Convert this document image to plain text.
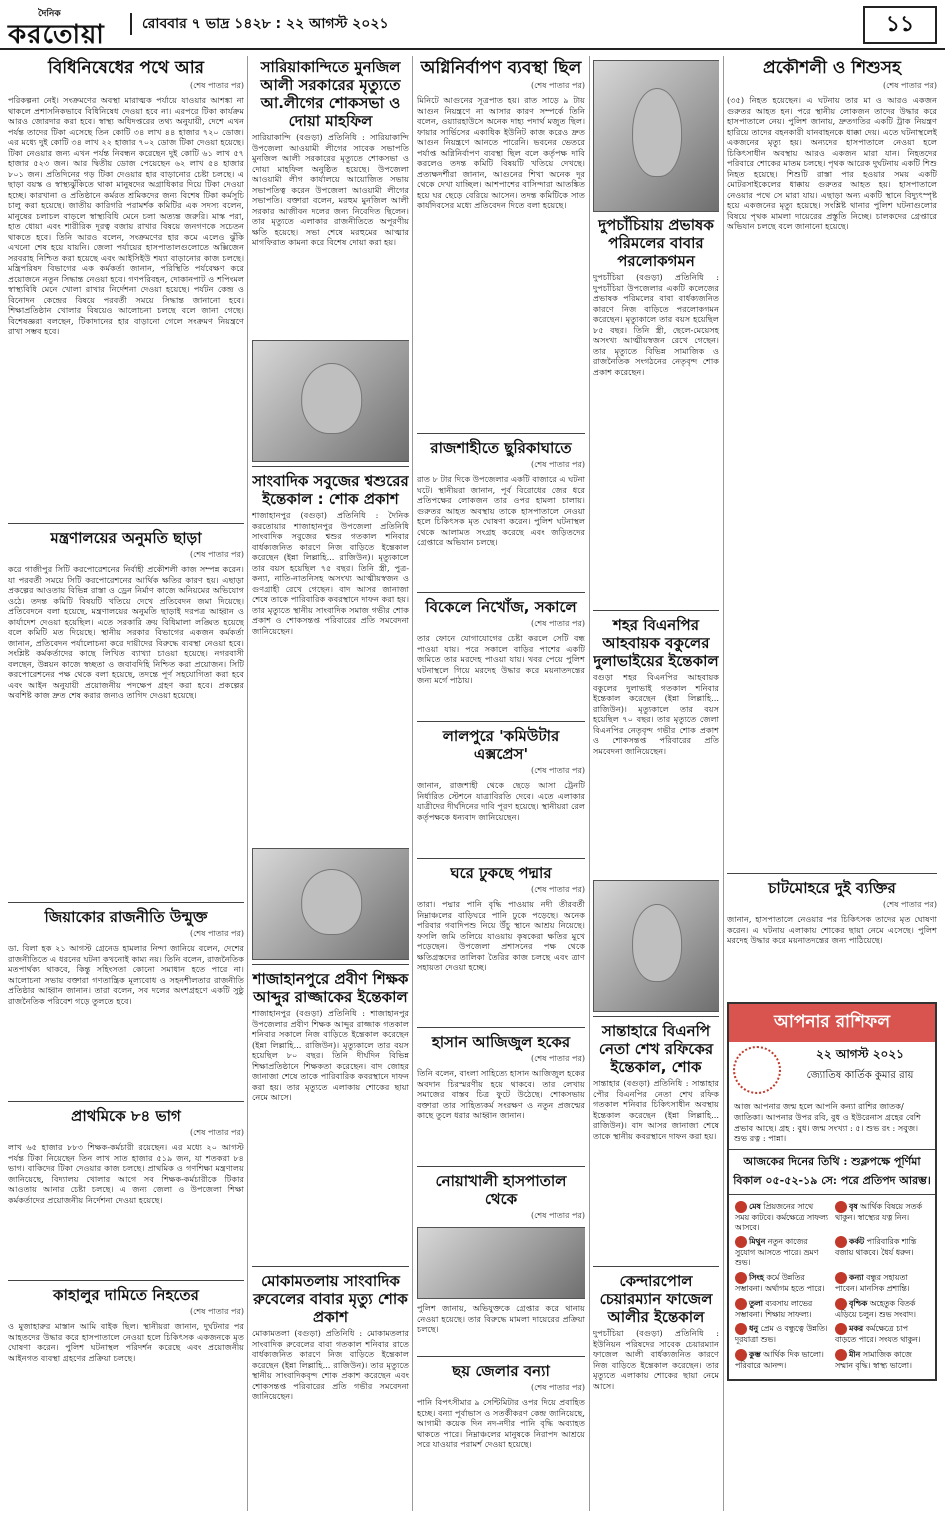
দৈনিক
করতোয়া	রোববার ৭ ভাদ্র ১৪২৮ : ২২ আগস্ট ২০২১	১১
বিধিনিষেধের পথে আর
(শেষ পাতার পর)
পরিকল্পনা নেই। সংক্রমণের অবস্থা মারাত্মক পর্যায়ে যাওয়ার আশঙ্কা না থাকলে প্রশাসনিকভাবে বিধিনিষেধ দেওয়া হবে না। এরপরে টিকা কার্যক্রম আরও জোরদার করা হবে। স্বাস্থ্য অধিদপ্তরের তথ্য অনুযায়ী, দেশে এখন পর্যন্ত তাদের টিকা এসেছে তিন কোটি ৩৪ লাখ ৪৪ হাজার ৭২০ ডোজ। এর মধ্যে দুই কোটি ৩৪ লাখ ২২ হাজার ৭০২ ডোজ টিকা দেওয়া হয়েছে। টিকা নেওয়ার জন্য এখন পর্যন্ত নিবন্ধন করেছেন দুই কোটি ৬১ লাখ ৫৭ হাজার ৫২৩ জন। আর দ্বিতীয় ডোজ পেয়েছেন ৬২ লাখ ৫৪ হাজার ৮০১ জন। প্রতিদিনের গড় টিকা দেওয়ার হার বাড়ানোর চেষ্টা চলছে। এ ছাড়া বয়স্ক ও স্বাস্থ্যঝুঁকিতে থাকা মানুষদের অগ্রাধিকার দিয়ে টিকা দেওয়া হচ্ছে। কারখানা ও প্রতিষ্ঠানে কর্মরত শ্রমিকদের জন্য বিশেষ টিকা কর্মসূচি চালু করা হয়েছে। জাতীয় কারিগরি পরামর্শক কমিটির এক সদস্য বলেন, মানুষের চলাচল বাড়লে স্বাস্থ্যবিধি মেনে চলা অত্যন্ত জরুরি। মাস্ক পরা, হাত ধোয়া এবং শারীরিক দূরত্ব বজায় রাখার বিষয়ে জনগণকে সচেতন থাকতে হবে। তিনি আরও বলেন, সংক্রমণের হার কমে এলেও ঝুঁকি এখনো শেষ হয়ে যায়নি। জেলা পর্যায়ের হাসপাতালগুলোতে অক্সিজেন সরবরাহ নিশ্চিত করা হয়েছে এবং আইসিইউ শয্যা বাড়ানোর কাজ চলছে। মন্ত্রিপরিষদ বিভাগের এক কর্মকর্তা জানান, পরিস্থিতি পর্যবেক্ষণ করে প্রয়োজনে নতুন সিদ্ধান্ত নেওয়া হবে। গণপরিবহন, দোকানপাট ও শপিংমল স্বাস্থ্যবিধি মেনে খোলা রাখার নির্দেশনা দেওয়া হয়েছে। পর্যটন কেন্দ্র ও বিনোদন কেন্দ্রের বিষয়ে পরবর্তী সময়ে সিদ্ধান্ত জানানো হবে। শিক্ষাপ্রতিষ্ঠান খোলার বিষয়েও আলোচনা চলছে বলে জানা গেছে। বিশেষজ্ঞরা বলছেন, টিকাদানের হার বাড়ানো গেলে সংক্রমণ নিয়ন্ত্রণে রাখা সম্ভব হবে।
মন্ত্রণালয়ের অনুমতি ছাড়া
(শেষ পাতার পর)
করে গাজীপুর সিটি করপোরেশনের নির্বাহী প্রকৌশলী কাজ সম্পন্ন করেন। যা পরবর্তী সময়ে সিটি করপোরেশনের আর্থিক ক্ষতির কারণ হয়। এছাড়া প্রকল্পের আওতায় বিভিন্ন রাস্তা ও ড্রেন নির্মাণ কাজে অনিয়মের অভিযোগ ওঠে। তদন্ত কমিটি বিষয়টি খতিয়ে দেখে প্রতিবেদন জমা দিয়েছে। প্রতিবেদনে বলা হয়েছে, মন্ত্রণালয়ের অনুমতি ছাড়াই দরপত্র আহ্বান ও কার্যাদেশ দেওয়া হয়েছিল। এতে সরকারি ক্রয় বিধিমালা লঙ্ঘিত হয়েছে বলে কমিটি মত দিয়েছে। স্থানীয় সরকার বিভাগের একজন কর্মকর্তা জানান, প্রতিবেদন পর্যালোচনা করে দায়ীদের বিরুদ্ধে ব্যবস্থা নেওয়া হবে। সংশ্লিষ্ট কর্মকর্তাদের কাছে লিখিত ব্যাখ্যা চাওয়া হয়েছে। নগরবাসী বলছেন, উন্নয়ন কাজে স্বচ্ছতা ও জবাবদিহি নিশ্চিত করা প্রয়োজন। সিটি করপোরেশনের পক্ষ থেকে বলা হয়েছে, তদন্তে পূর্ণ সহযোগিতা করা হবে এবং আইন অনুযায়ী প্রয়োজনীয় পদক্ষেপ গ্রহণ করা হবে। প্রকল্পের অবশিষ্ট কাজ দ্রুত শেষ করার জন্যও তাগিদ দেওয়া হয়েছে।
জিয়াকোর রাজনীতি উন্মুক্ত
(শেষ পাতার পর)
ডা. বিলা হক ২১ আগস্ট গ্রেনেড হামলার নিন্দা জানিয়ে বলেন, দেশের রাজনীতিতে এ ধরনের ঘটনা কখনোই কাম্য নয়। তিনি বলেন, রাজনৈতিক মতপার্থক্য থাকবে, কিন্তু সহিংসতা কোনো সমাধান হতে পারে না। আলোচনা সভায় বক্তারা গণতান্ত্রিক মূল্যবোধ ও সহনশীলতার রাজনীতি প্রতিষ্ঠার আহ্বান জানান। তারা বলেন, সব দলের অংশগ্রহণে একটি সুষ্ঠু রাজনৈতিক পরিবেশ গড়ে তুলতে হবে।
প্রাথমিকে ৮৪ ভাগ
(শেষ পাতার পর)
লাখ ৬৫ হাজার ৮৮৩ শিক্ষক-কর্মচারী রয়েছেন। এর মধ্যে ২০ আগস্ট পর্যন্ত টিকা নিয়েছেন তিন লাখ সাত হাজার ৫১৯ জন, যা শতকরা ৮৪ ভাগ। বাকিদের টিকা দেওয়ার কাজ চলছে। প্রাথমিক ও গণশিক্ষা মন্ত্রণালয় জানিয়েছে, বিদ্যালয় খোলার আগে সব শিক্ষক-কর্মচারীকে টিকার আওতায় আনার চেষ্টা চলছে। এ জন্য জেলা ও উপজেলা শিক্ষা কর্মকর্তাদের প্রয়োজনীয় নির্দেশনা দেওয়া হয়েছে।
কাহালুর দামিতে নিহতের
(শেষ পাতার পর)
ও মুজাহারুর মাস্তান আমি বাইক ছিল। স্থানীয়রা জানান, দুর্ঘটনার পর আহতদের উদ্ধার করে হাসপাতালে নেওয়া হলে চিকিৎসক একজনকে মৃত ঘোষণা করেন। পুলিশ ঘটনাস্থল পরিদর্শন করেছে এবং প্রয়োজনীয় আইনগত ব্যবস্থা গ্রহণের প্রক্রিয়া চলছে।
সারিয়াকান্দিতে মুনজিল আলী সরকারের মৃত্যুতে আ.লীগের শোকসভা ও দোয়া মাহফিল
সারিয়াকান্দি (বগুড়া) প্রতিনিধি : সারিয়াকান্দি উপজেলা আওয়ামী লীগের সাবেক সভাপতি মুনজিল আলী সরকারের মৃত্যুতে শোকসভা ও দোয়া মাহফিল অনুষ্ঠিত হয়েছে। উপজেলা আওয়ামী লীগ কার্যালয়ে আয়োজিত সভায় সভাপতিত্ব করেন উপজেলা আওয়ামী লীগের সভাপতি। বক্তারা বলেন, মরহুম মুনজিল আলী সরকার আজীবন দলের জন্য নিবেদিত ছিলেন। তার মৃত্যুতে এলাকার রাজনীতিতে অপূরণীয় ক্ষতি হয়েছে। সভা শেষে মরহুমের আত্মার মাগফিরাত কামনা করে বিশেষ দোয়া করা হয়।
সাংবাদিক সবুজের শ্বশুরের ইন্তেকাল : শোক প্রকাশ
শাজাহানপুর (বগুড়া) প্রতিনিধি : দৈনিক করতোয়ার শাজাহানপুর উপজেলা প্রতিনিধি সাংবাদিক সবুজের শ্বশুর গতকাল শনিবার বার্ধক্যজনিত কারণে নিজ বাড়িতে ইন্তেকাল করেছেন (ইন্না লিল্লাহি... রাজিউন)। মৃত্যুকালে তার বয়স হয়েছিল ৭৫ বছর। তিনি স্ত্রী, পুত্র-কন্যা, নাতি-নাতনিসহ অসংখ্য আত্মীয়স্বজন ও গুণগ্রাহী রেখে গেছেন। বাদ আসর জানাজা শেষে তাকে পারিবারিক কবরস্থানে দাফন করা হয়। তার মৃত্যুতে স্থানীয় সাংবাদিক সমাজ গভীর শোক প্রকাশ ও শোকসন্তপ্ত পরিবারের প্রতি সমবেদনা জানিয়েছেন।
শাজাহানপুরে প্রবীণ শিক্ষক আব্দুর রাজ্জাকের ইন্তেকাল
শাজাহানপুর (বগুড়া) প্রতিনিধি : শাজাহানপুর উপজেলার প্রবীণ শিক্ষক আব্দুর রাজ্জাক গতকাল শনিবার সকালে নিজ বাড়িতে ইন্তেকাল করেছেন (ইন্না লিল্লাহি... রাজিউন)। মৃত্যুকালে তার বয়স হয়েছিল ৮০ বছর। তিনি দীর্ঘদিন বিভিন্ন শিক্ষাপ্রতিষ্ঠানে শিক্ষকতা করেছেন। বাদ জোহর জানাজা শেষে তাকে পারিবারিক কবরস্থানে দাফন করা হয়। তার মৃত্যুতে এলাকায় শোকের ছায়া নেমে আসে।
মোকামতলায় সাংবাদিক রুবেলের বাবার মৃত্যু শোক প্রকাশ
মোকামতলা (বগুড়া) প্রতিনিধি : মোকামতলার সাংবাদিক রুবেলের বাবা গতকাল শনিবার রাতে বার্ধক্যজনিত কারণে নিজ বাড়িতে ইন্তেকাল করেছেন (ইন্না লিল্লাহি... রাজিউন)। তার মৃত্যুতে স্থানীয় সাংবাদিকবৃন্দ শোক প্রকাশ করেছেন এবং শোকসন্তপ্ত পরিবারের প্রতি গভীর সমবেদনা জানিয়েছেন।
অগ্নিনির্বাপণ ব্যবস্থা ছিল
(শেষ পাতার পর)
মিনিটে আগুনের সূত্রপাত হয়। রাত সাড়ে ৯ টায় আগুন নিয়ন্ত্রণে না আসার কারণ সম্পর্কে তিনি বলেন, ওয়্যারহাউসে অনেক দাহ্য পদার্থ মজুত ছিল। ফায়ার সার্ভিসের একাধিক ইউনিট কাজ করেও দ্রুত আগুন নিয়ন্ত্রণে আনতে পারেনি। ভবনের ভেতরে পর্যাপ্ত অগ্নিনির্বাপণ ব্যবস্থা ছিল বলে কর্তৃপক্ষ দাবি করলেও তদন্ত কমিটি বিষয়টি খতিয়ে দেখছে। প্রত্যক্ষদর্শীরা জানান, আগুনের শিখা অনেক দূর থেকে দেখা যাচ্ছিল। আশপাশের বাসিন্দারা আতঙ্কিত হয়ে ঘর ছেড়ে বেরিয়ে আসেন। তদন্ত কমিটিকে সাত কার্যদিবসের মধ্যে প্রতিবেদন দিতে বলা হয়েছে।
রাজশাহীতে ছুরিকাঘাতে
(শেষ পাতার পর)
রাত ৮ টার দিকে উপজেলার একটি বাজারে এ ঘটনা ঘটে। স্থানীয়রা জানান, পূর্ব বিরোধের জের ধরে প্রতিপক্ষের লোকজন তার ওপর হামলা চালায়। গুরুতর আহত অবস্থায় তাকে হাসপাতালে নেওয়া হলে চিকিৎসক মৃত ঘোষণা করেন। পুলিশ ঘটনাস্থল থেকে আলামত সংগ্রহ করেছে এবং জড়িতদের গ্রেপ্তারে অভিযান চলছে।
বিকেলে নিখোঁজ, সকালে
(শেষ পাতার পর)
তার ফোনে যোগাযোগের চেষ্টা করলে সেটি বন্ধ পাওয়া যায়। পরে সকালে বাড়ির পাশের একটি জমিতে তার মরদেহ পাওয়া যায়। খবর পেয়ে পুলিশ ঘটনাস্থলে গিয়ে মরদেহ উদ্ধার করে ময়নাতদন্তের জন্য মর্গে পাঠায়।
লালপুরে 'কমিউটার এক্সপ্রেস'
(শেষ পাতার পর)
জানান, রাজশাহী থেকে ছেড়ে আসা ট্রেনটি নির্ধারিত স্টেশনে যাত্রাবিরতি দেবে। এতে এলাকার যাত্রীদের দীর্ঘদিনের দাবি পূরণ হয়েছে। স্থানীয়রা রেল কর্তৃপক্ষকে ধন্যবাদ জানিয়েছেন।
ঘরে ঢুকছে পদ্মার
(শেষ পাতার পর)
তারা। পদ্মার পানি বৃদ্ধি পাওয়ায় নদী তীরবর্তী নিম্নাঞ্চলের বাড়িঘরে পানি ঢুকে পড়েছে। অনেক পরিবার গবাদিপশু নিয়ে উঁচু স্থানে আশ্রয় নিয়েছে। ফসলি জমি তলিয়ে যাওয়ায় কৃষকেরা ক্ষতির মুখে পড়েছেন। উপজেলা প্রশাসনের পক্ষ থেকে ক্ষতিগ্রস্তদের তালিকা তৈরির কাজ চলছে এবং ত্রাণ সহায়তা দেওয়া হচ্ছে।
হাসান আজিজুল হকের
(শেষ পাতার পর)
তিনি বলেন, বাংলা সাহিত্যে হাসান আজিজুল হকের অবদান চিরস্মরণীয় হয়ে থাকবে। তার লেখায় সমাজের বাস্তব চিত্র ফুটে উঠেছে। শোকসভায় বক্তারা তার সাহিত্যকর্ম সংরক্ষণ ও নতুন প্রজন্মের কাছে তুলে ধরার আহ্বান জানান।
নোয়াখালী হাসপাতাল থেকে
(শেষ পাতার পর)
পুলিশ জানায়, অভিযুক্তকে গ্রেপ্তার করে থানায় নেওয়া হয়েছে। তার বিরুদ্ধে মামলা দায়েরের প্রক্রিয়া চলছে।
ছয় জেলার বন্যা
(শেষ পাতার পর)
পানি বিপৎসীমার ৯ সেন্টিমিটার ওপর দিয়ে প্রবাহিত হচ্ছে। বন্যা পূর্বাভাস ও সতর্কীকরণ কেন্দ্র জানিয়েছে, আগামী কয়েক দিন নদ-নদীর পানি বৃদ্ধি অব্যাহত থাকতে পারে। নিম্নাঞ্চলের মানুষকে নিরাপদ আশ্রয়ে সরে যাওয়ার পরামর্শ দেওয়া হয়েছে।
দুপচাঁচিয়ায় প্রভাষক পরিমলের বাবার পরলোকগমন
দুপচাঁচিয়া (বগুড়া) প্রতিনিধি : দুপচাঁচিয়া উপজেলার একটি কলেজের প্রভাষক পরিমলের বাবা বার্ধক্যজনিত কারণে নিজ বাড়িতে পরলোকগমন করেছেন। মৃত্যুকালে তার বয়স হয়েছিল ৮৫ বছর। তিনি স্ত্রী, ছেলে-মেয়েসহ অসংখ্য আত্মীয়স্বজন রেখে গেছেন। তার মৃত্যুতে বিভিন্ন সামাজিক ও রাজনৈতিক সংগঠনের নেতৃবৃন্দ শোক প্রকাশ করেছেন।
শহর বিএনপির আহবায়ক বকুলের দুলাভাইয়ের ইন্তেকাল
বগুড়া শহর বিএনপির আহবায়ক বকুলের দুলাভাই গতকাল শনিবার ইন্তেকাল করেছেন (ইন্না লিল্লাহি... রাজিউন)। মৃত্যুকালে তার বয়স হয়েছিল ৭০ বছর। তার মৃত্যুতে জেলা বিএনপির নেতৃবৃন্দ গভীর শোক প্রকাশ ও শোকসন্তপ্ত পরিবারের প্রতি সমবেদনা জানিয়েছেন।
সান্তাহারে বিএনপি নেতা শেখ রফিকের ইন্তেকাল, শোক
সান্তাহার (বগুড়া) প্রতিনিধি : সান্তাহার পৌর বিএনপির নেতা শেখ রফিক গতকাল শনিবার চিকিৎসাধীন অবস্থায় ইন্তেকাল করেছেন (ইন্না লিল্লাহি... রাজিউন)। বাদ আসর জানাজা শেষে তাকে স্থানীয় কবরস্থানে দাফন করা হয়।
কেন্দারপোল চেয়ারম্যান ফাজেল আলীর ইন্তেকাল
দুপচাঁচিয়া (বগুড়া) প্রতিনিধি : ইউনিয়ন পরিষদের সাবেক চেয়ারম্যান ফাজেল আলী বার্ধক্যজনিত কারণে নিজ বাড়িতে ইন্তেকাল করেছেন। তার মৃত্যুতে এলাকায় শোকের ছায়া নেমে আসে।
প্রকৌশলী ও শিশুসহ
(শেষ পাতার পর)
(৩৫) নিহত হয়েছেন। এ ঘটনায় তার মা ও আরও একজন গুরুতর আহত হন। পরে স্থানীয় লোকজন তাদের উদ্ধার করে হাসপাতালে নেয়। পুলিশ জানায়, দ্রুতগতির একটি ট্রাক নিয়ন্ত্রণ হারিয়ে তাদের বহনকারী যানবাহনকে ধাক্কা দেয়। এতে ঘটনাস্থলেই একজনের মৃত্যু হয়। অন্যদের হাসপাতালে নেওয়া হলে চিকিৎসাধীন অবস্থায় আরও একজন মারা যান। নিহতদের পরিবারে শোকের মাতম চলছে। পৃথক আরেক দুর্ঘটনায় একটি শিশু নিহত হয়েছে। শিশুটি রাস্তা পার হওয়ার সময় একটি মোটরসাইকেলের ধাক্কায় গুরুতর আহত হয়। হাসপাতালে নেওয়ার পথে সে মারা যায়। এছাড়া অন্য একটি স্থানে বিদ্যুৎস্পৃষ্ট হয়ে একজনের মৃত্যু হয়েছে। সংশ্লিষ্ট থানার পুলিশ ঘটনাগুলোর বিষয়ে পৃথক মামলা দায়েরের প্রস্তুতি নিচ্ছে। চালকদের গ্রেপ্তারে অভিযান চলছে বলে জানানো হয়েছে।
চাটমোহরে দুই ব্যক্তির
(শেষ পাতার পর)
জানান, হাসপাতালে নেওয়ার পর চিকিৎসক তাদের মৃত ঘোষণা করেন। এ ঘটনায় এলাকায় শোকের ছায়া নেমে এসেছে। পুলিশ মরদেহ উদ্ধার করে ময়নাতদন্তের জন্য পাঠিয়েছে।
আপনার রাশিফল
২২ আগস্ট ২০২১
জ্যোতিষ কার্তিক কুমার রায়
আজ আপনার জন্ম হলে আপনি কন্যা রাশির জাতক/জাতিকা। আপনার উপর রবি, বুধ ও ইউরেনাস গ্রহের বেশি প্রভাব আছে। গ্রহ : বুধ। জন্ম সংখ্যা : ৫। শুভ রং : সবুজ। শুভ রত্ন : পান্না।
আজকের দিনের তিথি : শুক্লপক্ষে পূর্ণিমা বিকাল ০৫-৫২-১৯ সে: পরে প্রতিপদ আরম্ভ।
মেষ প্রিয়জনের সাথে সময় কাটবে। কর্মক্ষেত্রে সাফল্য আসবে।
বৃষ আর্থিক বিষয়ে সতর্ক থাকুন। স্বাস্থ্যের যত্ন নিন।
মিথুন নতুন কাজের সুযোগ আসতে পারে। ভ্রমণ শুভ।
কর্কট পারিবারিক শান্তি বজায় থাকবে। ধৈর্য ধরুন।
সিংহ কর্মে উন্নতির সম্ভাবনা। অর্থাগম হতে পারে।
কন্যা বন্ধুর সহায়তা পাবেন। মানসিক প্রশান্তি।
তুলা ব্যবসায় লাভের সম্ভাবনা। শিক্ষায় সাফল্য।
বৃশ্চিক অহেতুক বিতর্ক এড়িয়ে চলুন। শুভ সংবাদ।
ধনু প্রেম ও বন্ধুত্বে উন্নতি। দূরযাত্রা শুভ।
মকর কর্মক্ষেত্রে চাপ বাড়তে পারে। সংযত থাকুন।
কুম্ভ আর্থিক দিক ভালো। পরিবারে আনন্দ।
মীন সামাজিক কাজে সম্মান বৃদ্ধি। স্বাস্থ্য ভালো।
